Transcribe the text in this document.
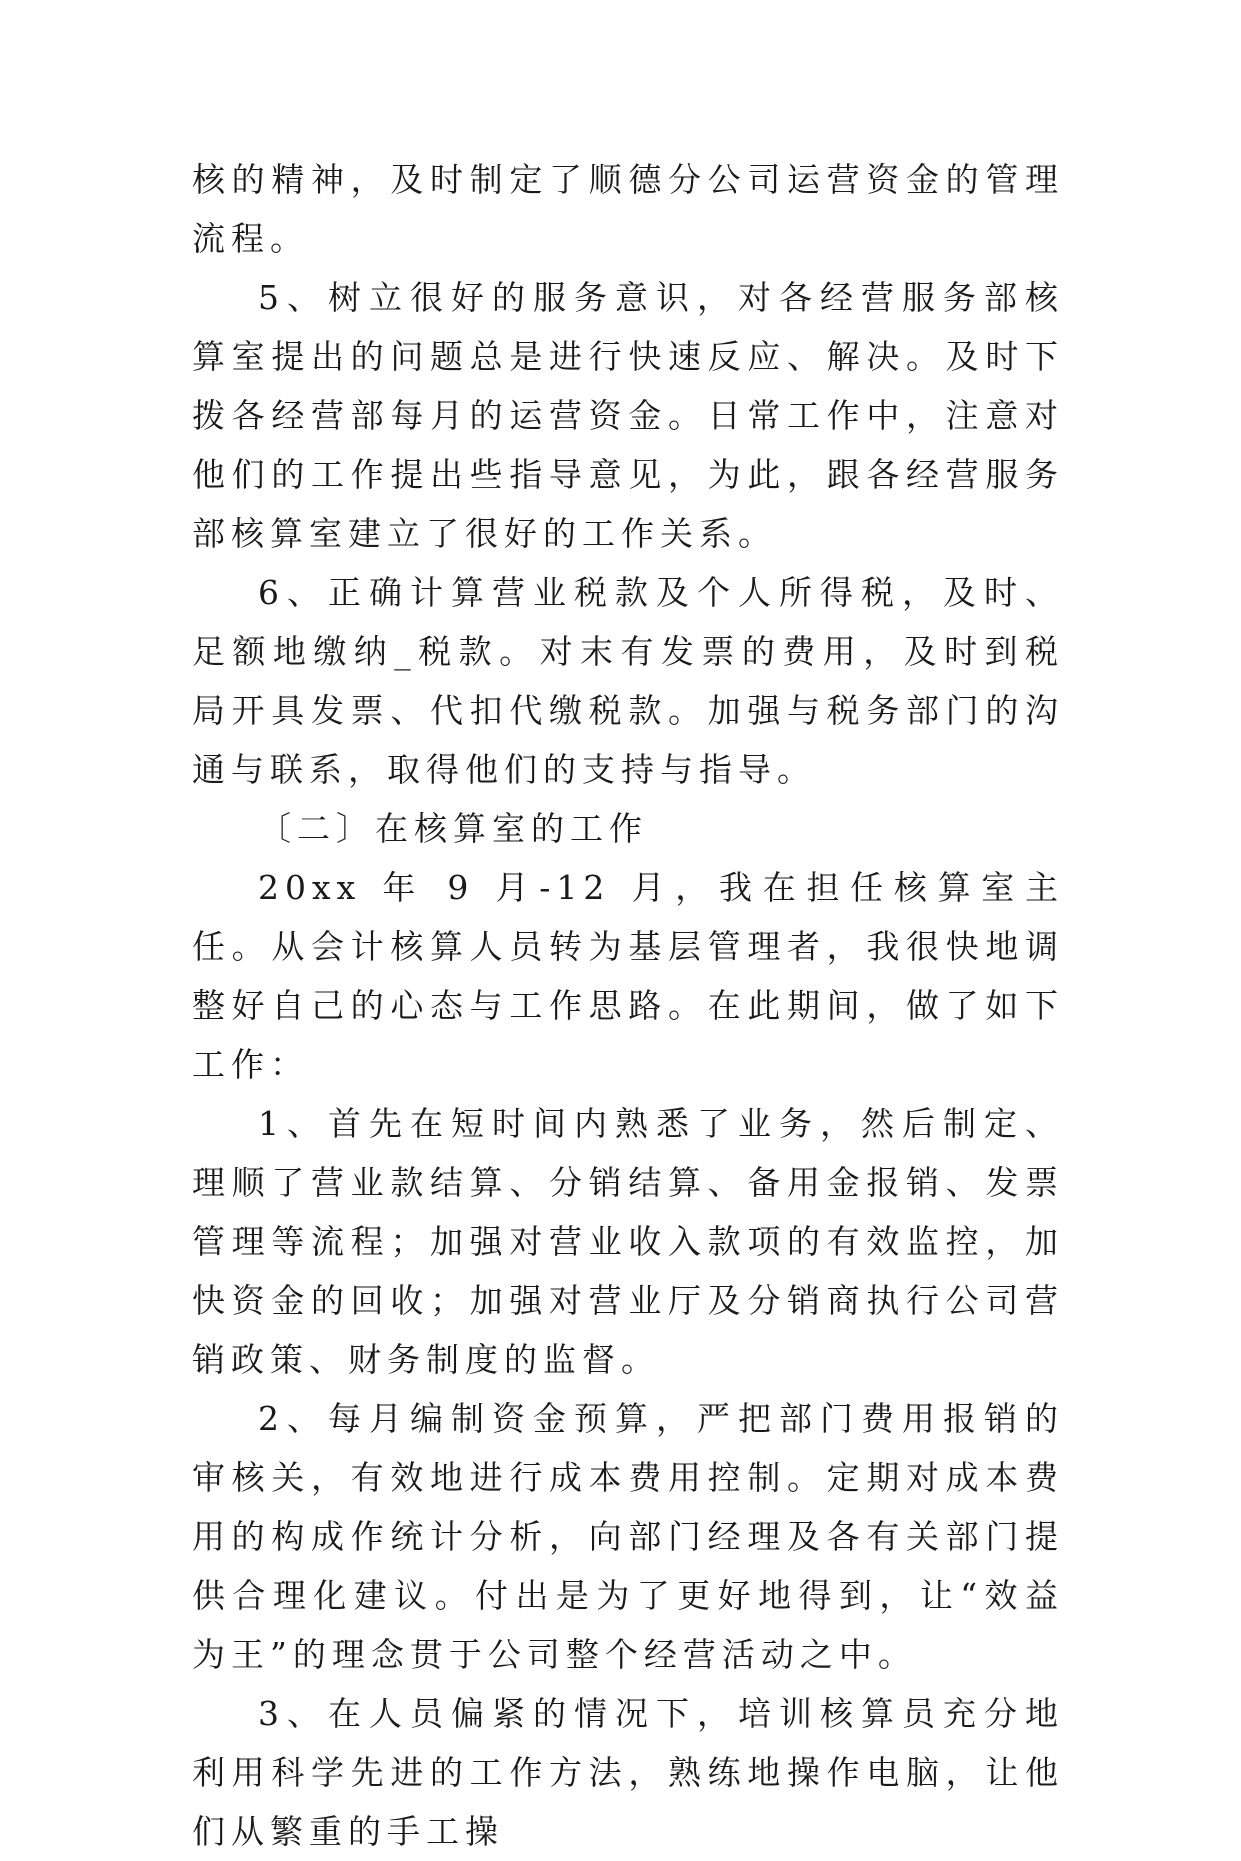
核的精神，及时制定了顺德分公司运营资金的管理流程。

5、树立很好的服务意识，对各经营服务部核算室提出的问题总是进行快速反应、解决。及时下拨各经营部每月的运营资金。日常工作中，注意对他们的工作提出些指导意见，为此，跟各经营服务部核算室建立了很好的工作关系。

6、正确计算营业税款及个人所得税，及时、足额地缴纳_税款。对末有发票的费用，及时到税局开具发票、代扣代缴税款。加强与税务部门的沟通与联系，取得他们的支持与指导。

〔二〕在核算室的工作

20xx 年 9 月-12 月，我在担任核算室主任。从会计核算人员转为基层管理者，我很快地调整好自己的心态与工作思路。在此期间，做了如下工作：

1、首先在短时间内熟悉了业务，然后制定、理顺了营业款结算、分销结算、备用金报销、发票管理等流程；加强对营业收入款项的有效监控，加快资金的回收；加强对营业厅及分销商执行公司营销政策、财务制度的监督。

2、每月编制资金预算，严把部门费用报销的审核关，有效地进行成本费用控制。定期对成本费用的构成作统计分析，向部门经理及各有关部门提供合理化建议。付出是为了更好地得到，让“效益为王”的理念贯于公司整个经营活动之中。

3、在人员偏紧的情况下，培训核算员充分地利用科学先进的工作方法，熟练地操作电脑，让他们从繁重的手工操
